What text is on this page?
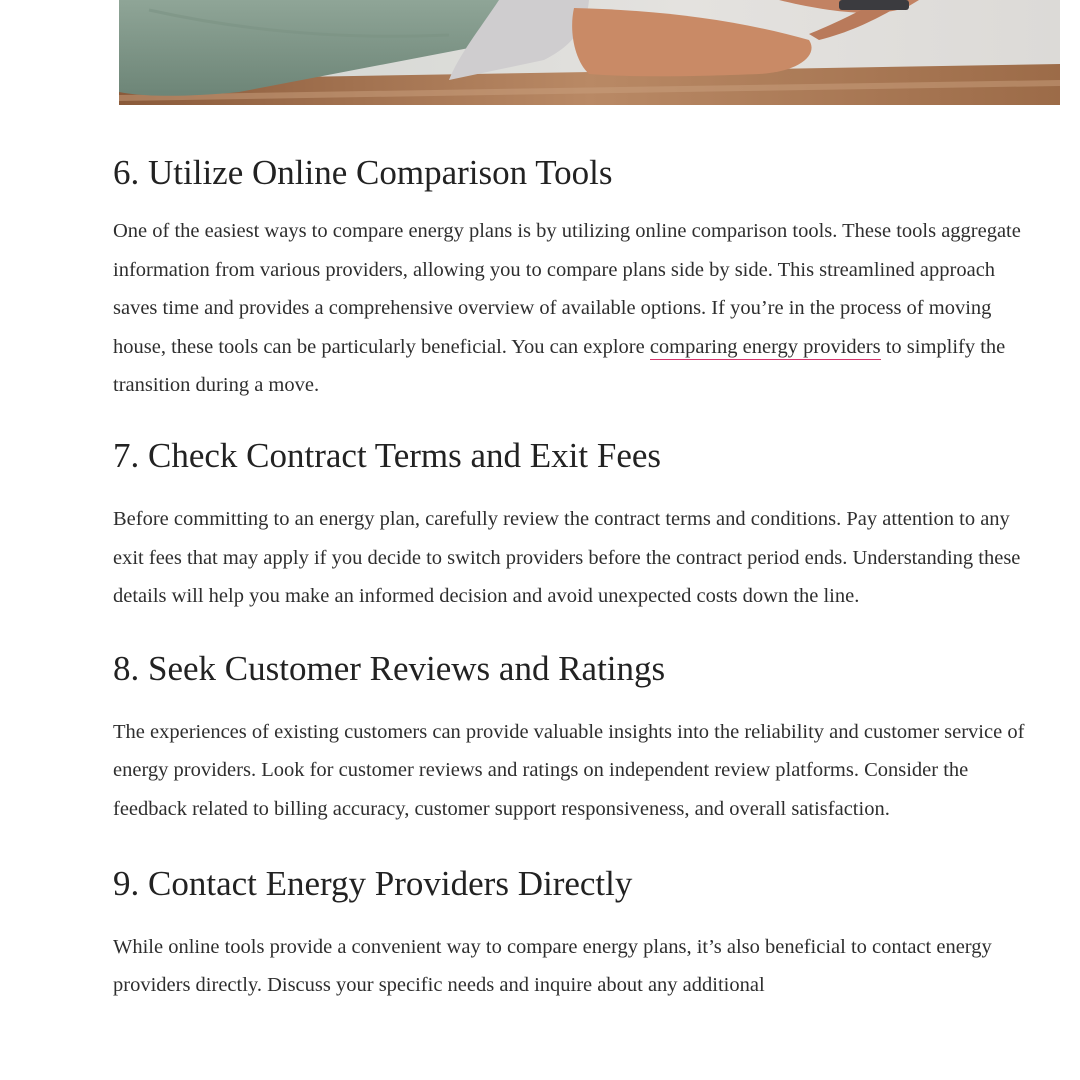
6. Utilize Online Comparison Tools

One of the easiest ways to compare energy plans is by utilizing online comparison tools. These tools aggregate information from various providers, allowing you to compare plans side by side. This streamlined approach saves time and provides a comprehensive overview of available options. If you’re in the process of moving house, these tools can be particularly beneficial. You can explore comparing energy providers to simplify the transition during a move.

7. Check Contract Terms and Exit Fees

Before committing to an energy plan, carefully review the contract terms and conditions. Pay attention to any exit fees that may apply if you decide to switch providers before the contract period ends. Understanding these details will help you make an informed decision and avoid unexpected costs down the line.

8. Seek Customer Reviews and Ratings

The experiences of existing customers can provide valuable insights into the reliability and customer service of energy providers. Look for customer reviews and ratings on independent review platforms. Consider the feedback related to billing accuracy, customer support responsiveness, and overall satisfaction.

9. Contact Energy Providers Directly

While online tools provide a convenient way to compare energy plans, it’s also beneficial to contact energy providers directly. Discuss your specific needs and inquire about any additional
